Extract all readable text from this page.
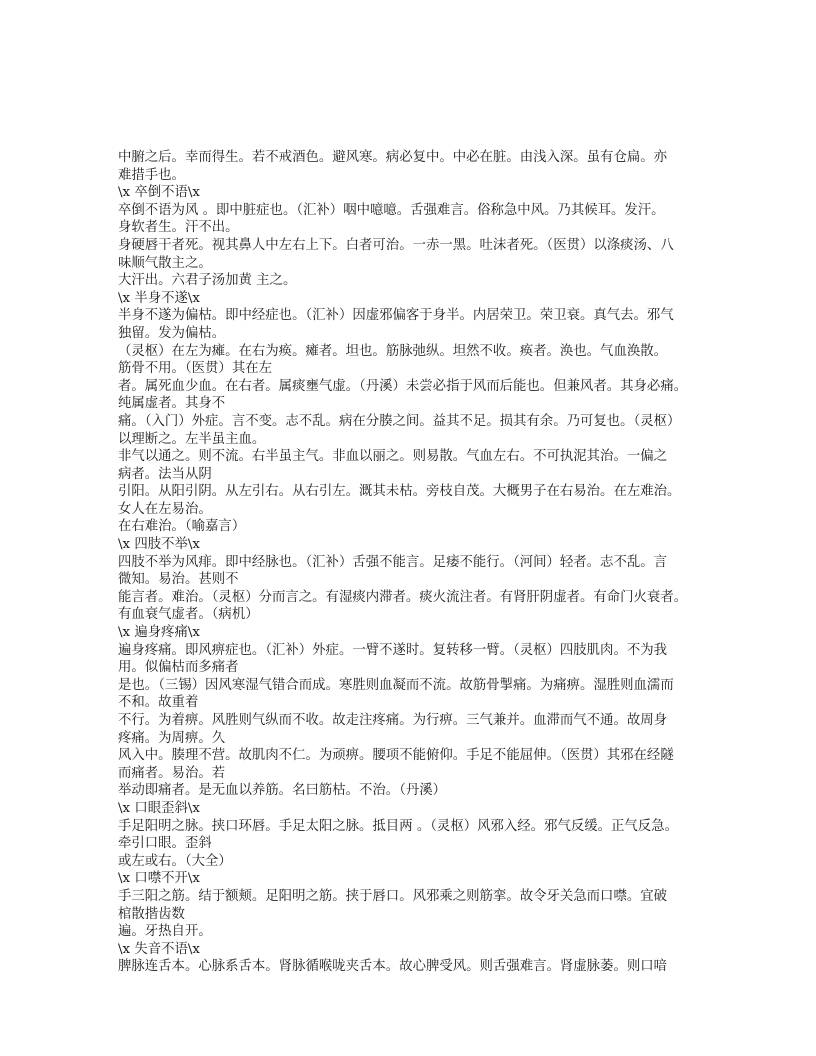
中腑之后。幸而得生。若不戒酒色。避风寒。病必复中。中必在脏。由浅入深。虽有仓扁。亦
难措手也。
\x 卒倒不语\x
卒倒不语为风 。即中脏症也。（汇补）咽中噫噫。舌强难言。俗称急中风。乃其候耳。发汗。
身软者生。汗不出。
身硬唇干者死。视其鼻人中左右上下。白者可治。一赤一黑。吐沫者死。（医贯）以涤痰汤、八
味顺气散主之。
大汗出。六君子汤加黄 主之。
\x 半身不遂\x
半身不遂为偏枯。即中经症也。（汇补）因虚邪偏客于身半。内居荣卫。荣卫衰。真气去。邪气
独留。发为偏枯。
（灵枢）在左为瘫。在右为痪。瘫者。坦也。筋脉弛纵。坦然不收。痪者。涣也。气血涣散。
筋骨不用。（医贯）其在左
者。属死血少血。在右者。属痰壅气虚。（丹溪）未尝必指于风而后能也。但兼风者。其身必痛。
纯属虚者。其身不
痛。（入门）外症。言不变。志不乱。病在分腠之间。益其不足。损其有余。乃可复也。（灵枢）
以理断之。左半虽主血。
非气以通之。则不流。右半虽主气。非血以丽之。则易散。气血左右。不可执泥其治。一偏之
病者。法当从阴
引阳。从阳引阴。从左引右。从右引左。溉其未枯。旁枝自茂。大概男子在右易治。在左难治。
女人在左易治。
在右难治。（喻嘉言）
\x 四肢不举\x
四肢不举为风痱。即中经脉也。（汇补）舌强不能言。足痿不能行。（河间）轻者。志不乱。言
微知。易治。甚则不
能言者。难治。（灵枢）分而言之。有湿痰内滞者。痰火流注者。有肾肝阴虚者。有命门火衰者。
有血衰气虚者。（病机）
\x 遍身疼痛\x
遍身疼痛。即风痹症也。（汇补）外症。一臂不遂时。复转移一臂。（灵枢）四肢肌肉。不为我
用。似偏枯而多痛者
是也。（三锡）因风寒湿气错合而成。寒胜则血凝而不流。故筋骨掣痛。为痛痹。湿胜则血濡而
不和。故重着
不行。为着痹。风胜则气纵而不收。故走注疼痛。为行痹。三气兼并。血滞而气不通。故周身
疼痛。为周痹。久
风入中。腠理不营。故肌肉不仁。为顽痹。腰项不能俯仰。手足不能屈伸。（医贯）其邪在经隧
而痛者。易治。若
举动即痛者。是无血以养筋。名曰筋枯。不治。（丹溪）
\x 口眼歪斜\x
手足阳明之脉。挟口环唇。手足太阳之脉。抵目两 。（灵枢）风邪入经。邪气反缓。正气反急。
牵引口眼。歪斜
或左或右。（大全）
\x 口噤不开\x
手三阳之筋。结于额颊。足阳明之筋。挟于唇口。风邪乘之则筋挛。故令牙关急而口噤。宜破
棺散揩齿数
遍。牙热自开。
\x 失音不语\x
脾脉连舌本。心脉系舌本。肾脉循喉咙夹舌本。故心脾受风。则舌强难言。肾虚脉萎。则口喑
